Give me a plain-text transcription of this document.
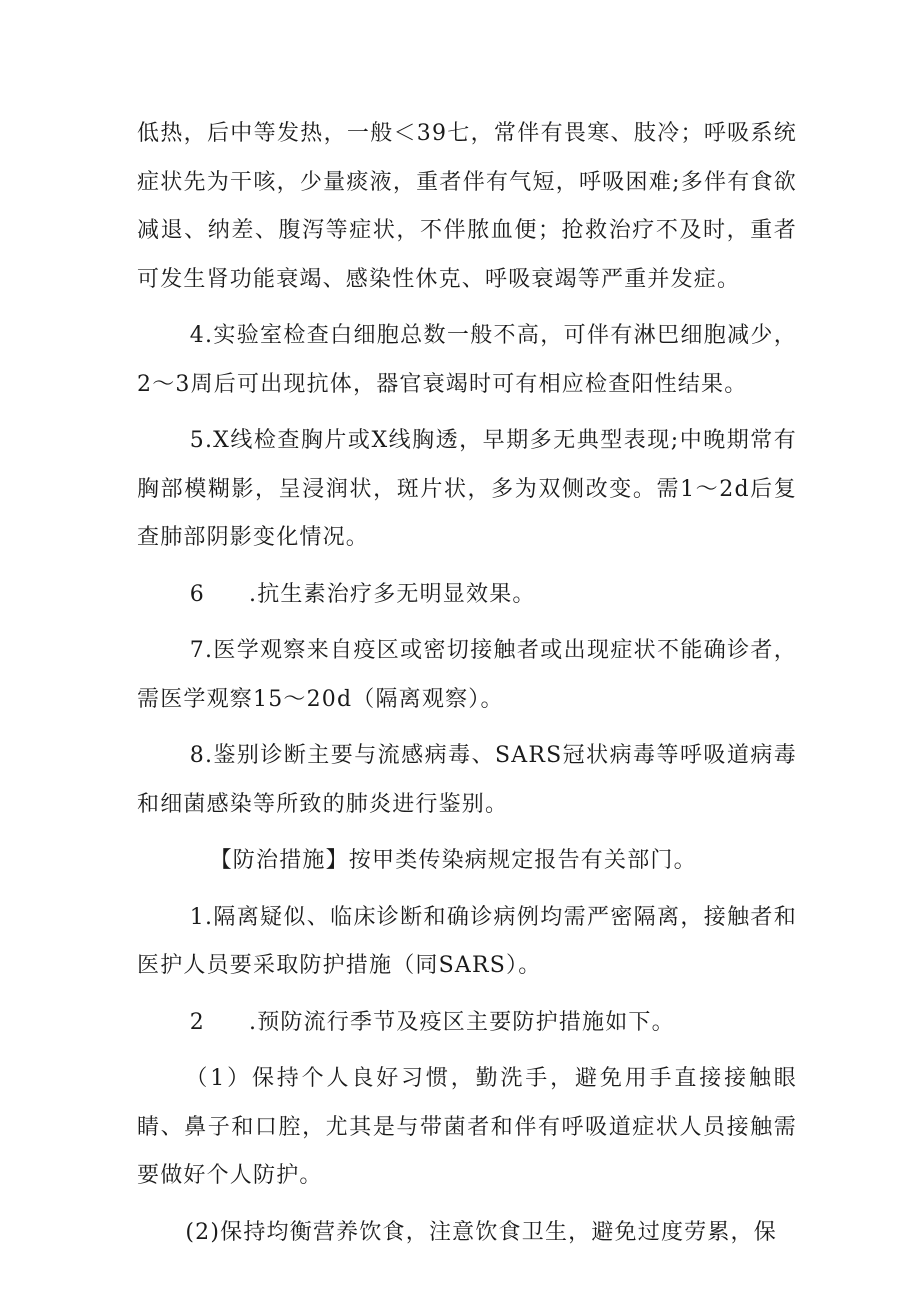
低热，后中等发热，一般＜39七，常伴有畏寒、肢冷；呼吸系统症状先为干咳，少量痰液，重者伴有气短，呼吸困难;多伴有食欲减退、纳差、腹泻等症状，不伴脓血便；抢救治疗不及时，重者可发生肾功能衰竭、感染性休克、呼吸衰竭等严重并发症。

4.实验室检查白细胞总数一般不高，可伴有淋巴细胞减少，2～3周后可出现抗体，器官衰竭时可有相应检查阳性结果。

5.X线检查胸片或X线胸透，早期多无典型表现;中晚期常有胸部模糊影，呈浸润状，斑片状，多为双侧改变。需1～2d后复查肺部阴影变化情况。

6 .抗生素治疗多无明显效果。

7.医学观察来自疫区或密切接触者或出现症状不能确诊者，需医学观察15～20d（隔离观察）。

8.鉴别诊断主要与流感病毒、SARS冠状病毒等呼吸道病毒和细菌感染等所致的肺炎进行鉴别。

【防治措施】按甲类传染病规定报告有关部门。

1.隔离疑似、临床诊断和确诊病例均需严密隔离，接触者和医护人员要采取防护措施（同SARS）。

2 .预防流行季节及疫区主要防护措施如下。

（1）保持个人良好习惯，勤洗手，避免用手直接接触眼睛、鼻子和口腔，尤其是与带菌者和伴有呼吸道症状人员接触需要做好个人防护。

(2)保持均衡营养饮食，注意饮食卫生，避免过度劳累，保
